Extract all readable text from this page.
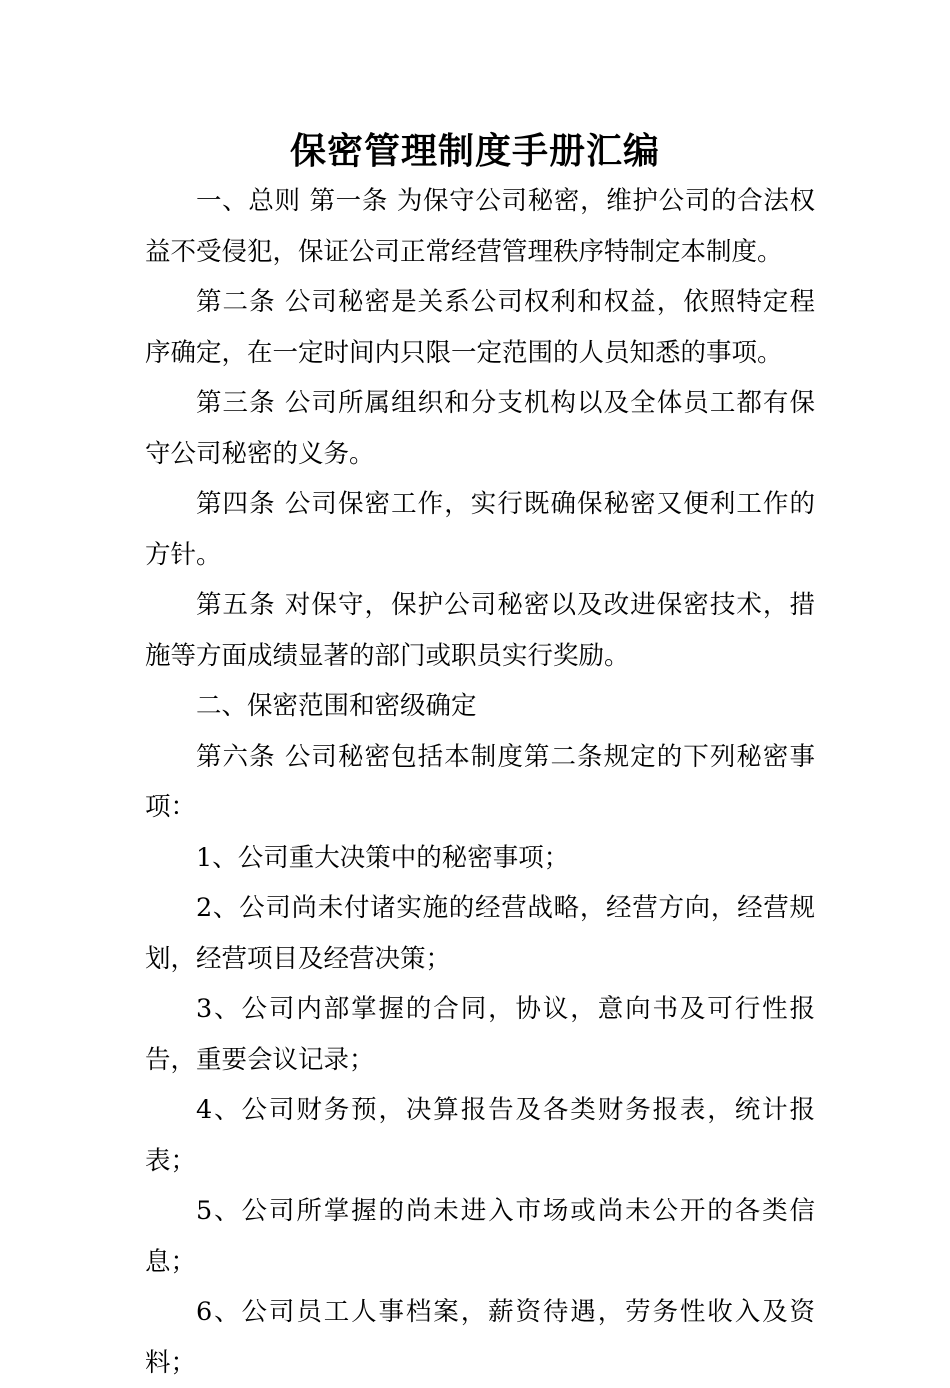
保密管理制度手册汇编

一、总则 第一条 为保守公司秘密，维护公司的合法权益不受侵犯，保证公司正常经营管理秩序特制定本制度。

第二条 公司秘密是关系公司权利和权益，依照特定程序确定，在一定时间内只限一定范围的人员知悉的事项。

第三条 公司所属组织和分支机构以及全体员工都有保守公司秘密的义务。

第四条 公司保密工作，实行既确保秘密又便利工作的方针。

第五条 对保守，保护公司秘密以及改进保密技术，措施等方面成绩显著的部门或职员实行奖励。

二、保密范围和密级确定

第六条 公司秘密包括本制度第二条规定的下列秘密事项：

1、公司重大决策中的秘密事项；

2、公司尚未付诸实施的经营战略，经营方向，经营规划，经营项目及经营决策；

3、公司内部掌握的合同，协议，意向书及可行性报告，重要会议记录；

4、公司财务预，决算报告及各类财务报表，统计报表；

5、公司所掌握的尚未进入市场或尚未公开的各类信息；

6、公司员工人事档案，薪资待遇，劳务性收入及资料；
